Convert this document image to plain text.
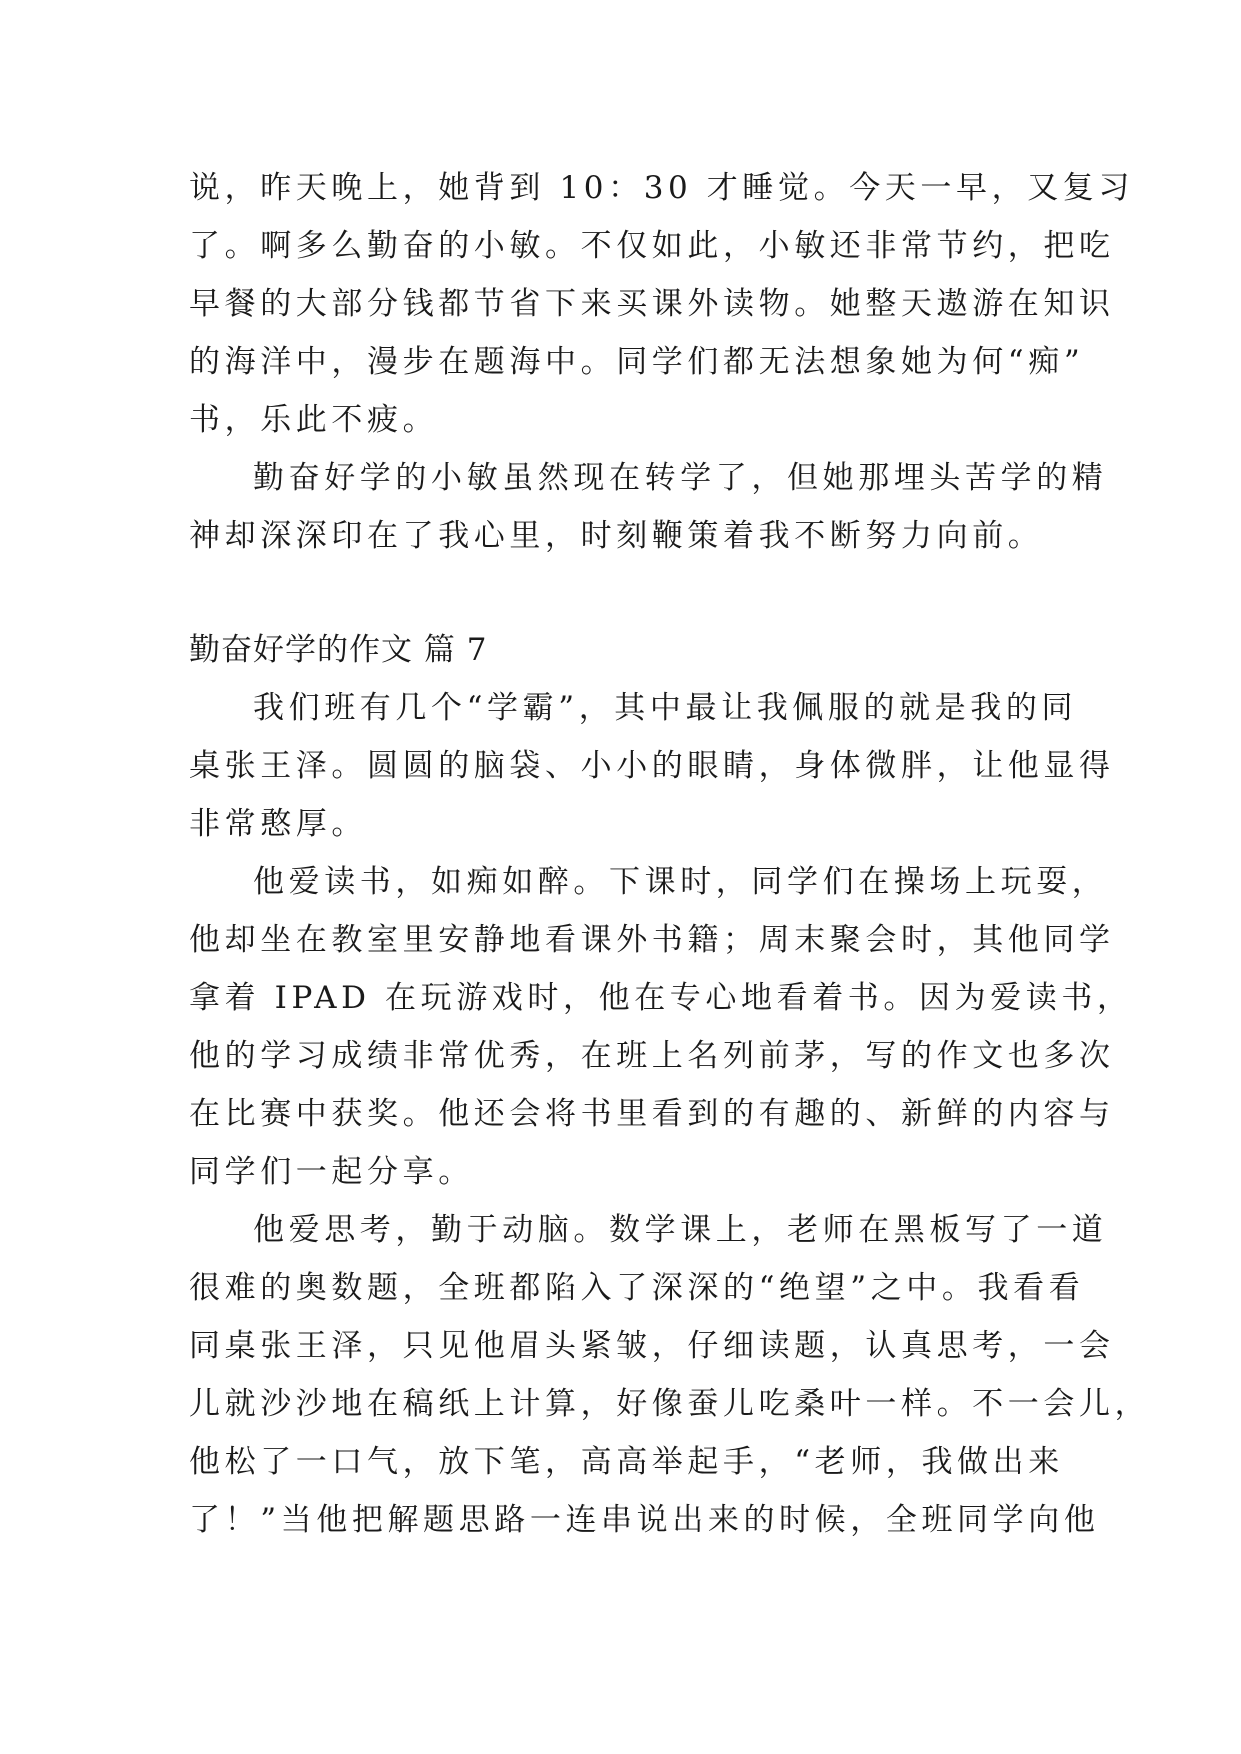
说，昨天晚上，她背到 10：30 才睡觉。今天一早，又复习

了。啊多么勤奋的小敏。不仅如此，小敏还非常节约，把吃

早餐的大部分钱都节省下来买课外读物。她整天遨游在知识

的海洋中，漫步在题海中。同学们都无法想象她为何“痴”

书，乐此不疲。

勤奋好学的小敏虽然现在转学了，但她那埋头苦学的精

神却深深印在了我心里，时刻鞭策着我不断努力向前。

勤奋好学的作文 篇 7

我们班有几个“学霸”，其中最让我佩服的就是我的同

桌张王泽。圆圆的脑袋、小小的眼睛，身体微胖，让他显得

非常憨厚。

他爱读书，如痴如醉。下课时，同学们在操场上玩耍，

他却坐在教室里安静地看课外书籍；周末聚会时，其他同学

拿着 IPAD 在玩游戏时，他在专心地看着书。因为爱读书，

他的学习成绩非常优秀，在班上名列前茅，写的作文也多次

在比赛中获奖。他还会将书里看到的有趣的、新鲜的内容与

同学们一起分享。

他爱思考，勤于动脑。数学课上，老师在黑板写了一道

很难的奥数题，全班都陷入了深深的“绝望”之中。我看看

同桌张王泽，只见他眉头紧皱，仔细读题，认真思考，一会

儿就沙沙地在稿纸上计算，好像蚕儿吃桑叶一样。不一会儿，

他松了一口气，放下笔，高高举起手，“老师，我做出来

了！”当他把解题思路一连串说出来的时候，全班同学向他
